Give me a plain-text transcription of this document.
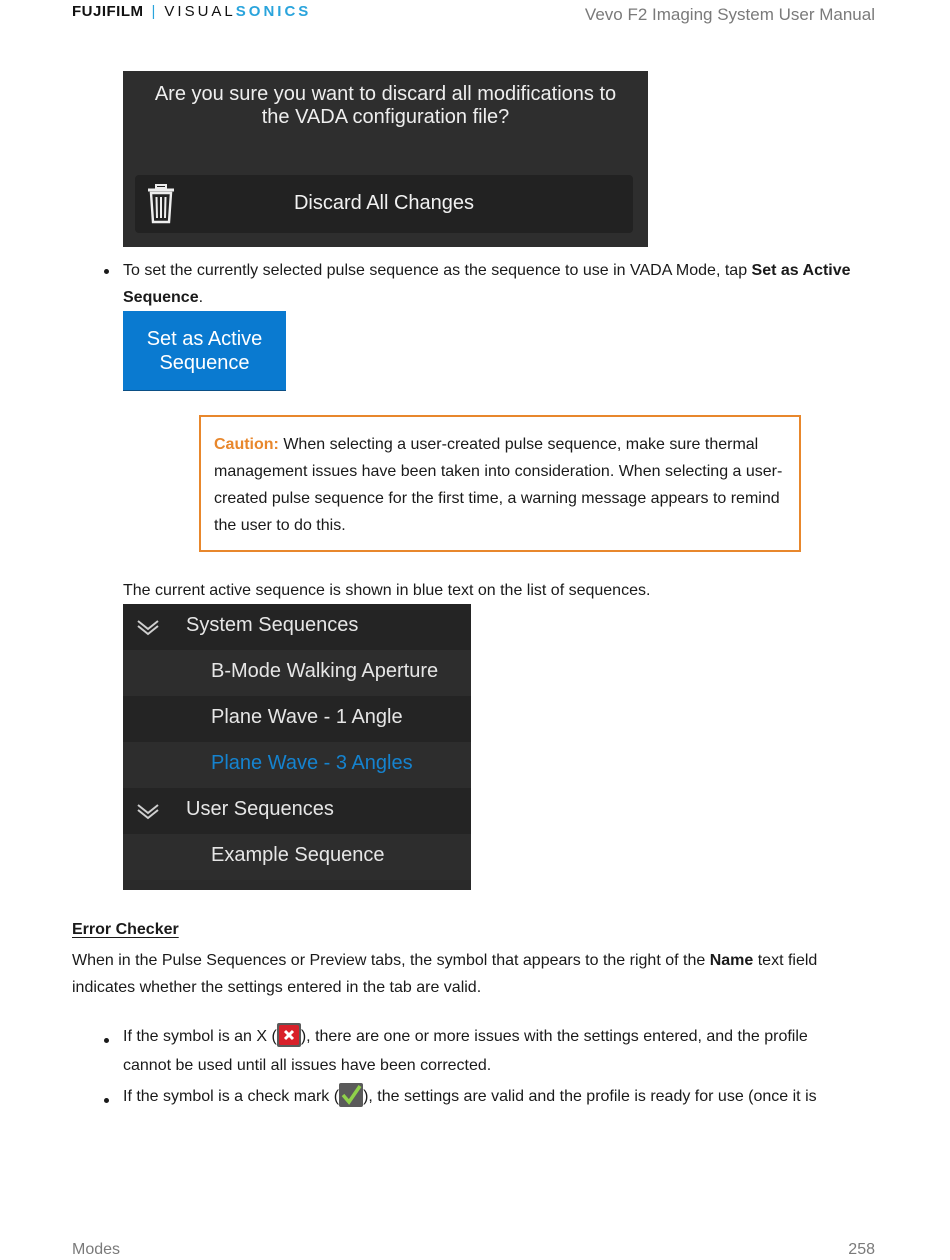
FUJIFILM | VISUALSONICS	Vevo F2 Imaging System User Manual
Are you sure you want to discard all modifications to the VADA configuration file?
Discard All Changes
To set the currently selected pulse sequence as the sequence to use in VADA Mode, tap Set as Active Sequence.
Set as Active
Sequence
Caution: When selecting a user-created pulse sequence, make sure thermal management issues have been taken into consideration. When selecting a user-created pulse sequence for the first time, a warning message appears to remind the user to do this.
The current active sequence is shown in blue text on the list of sequences.
System Sequences
B-Mode Walking Aperture
Plane Wave - 1 Angle
Plane Wave - 3 Angles
User Sequences
Example Sequence
Error Checker
When in the Pulse Sequences or Preview tabs, the symbol that appears to the right of the Name text field indicates whether the settings entered in the tab are valid.
If the symbol is an X ( ), there are one or more issues with the settings entered, and the profile cannot be used until all issues have been corrected.
If the symbol is a check mark ( ), the settings are valid and the profile is ready for use (once it is
Modes	258
